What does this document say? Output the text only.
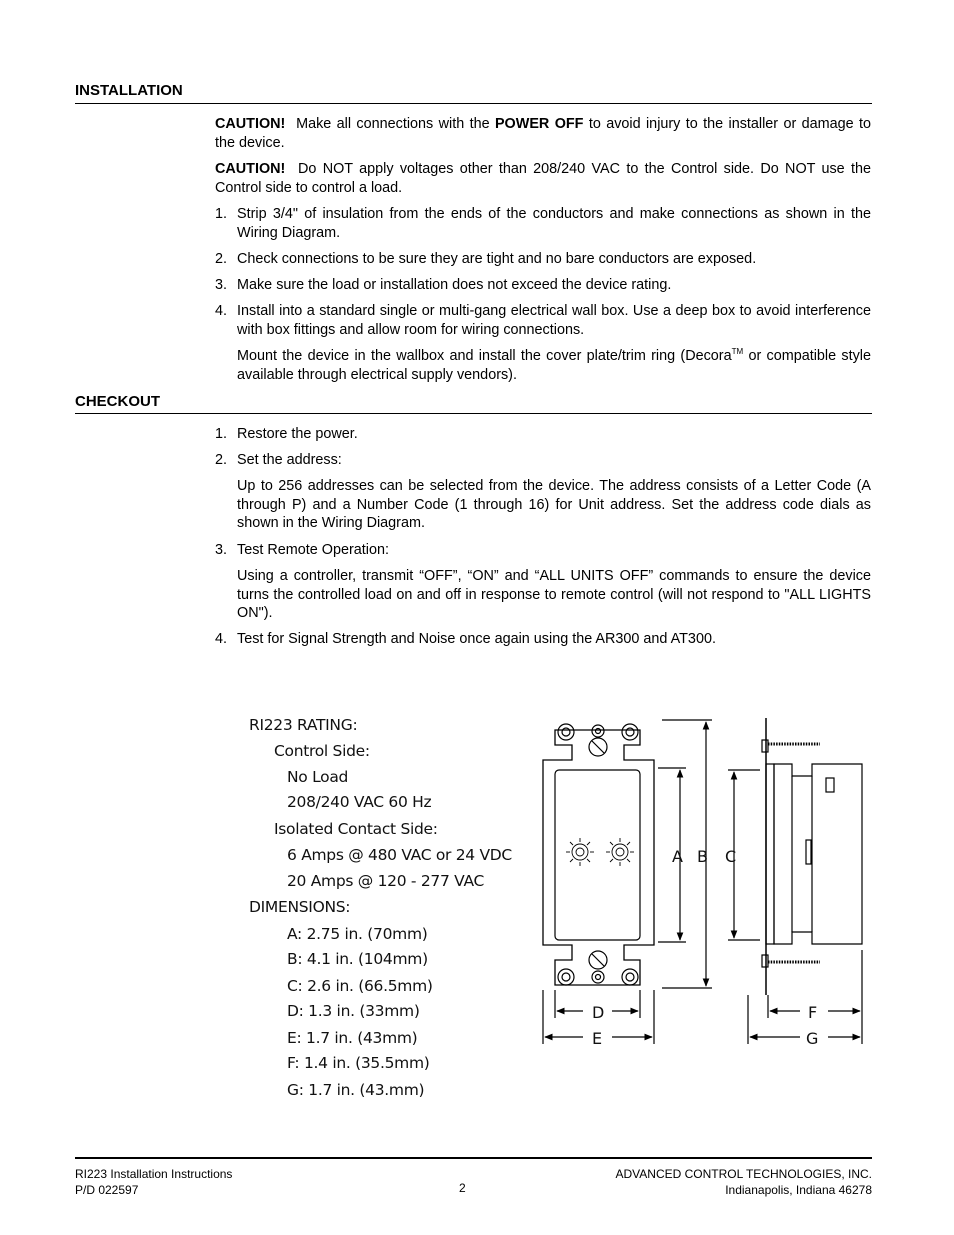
INSTALLATION
CAUTION! Make all connections with the POWER OFF to avoid injury to the installer or damage to the device.
CAUTION! Do NOT apply voltages other than 208/240 VAC to the Control side. Do NOT use the Control side to control a load.
1. Strip 3/4" of insulation from the ends of the conductors and make connections as shown in the Wiring Diagram.
2. Check connections to be sure they are tight and no bare conductors are exposed.
3. Make sure the load or installation does not exceed the device rating.
4. Install into a standard single or multi-gang electrical wall box. Use a deep box to avoid interference with box fittings and allow room for wiring connections.
Mount the device in the wallbox and install the cover plate/trim ring (Decora™ or compatible style available through electrical supply vendors).
CHECKOUT
1. Restore the power.
2. Set the address:
Up to 256 addresses can be selected from the device. The address consists of a Letter Code (A through P) and a Number Code (1 through 16) for Unit address. Set the address code dials as shown in the Wiring Diagram.
3. Test Remote Operation:
Using a controller, transmit “OFF”, “ON” and “ALL UNITS OFF” commands to ensure the device turns the controlled load on and off in response to remote control (will not respond to "ALL LIGHTS ON").
4. Test for Signal Strength and Noise once again using the AR300 and AT300.
RI223 RATING:
Control Side:
No Load
208/240 VAC 60 Hz
Isolated Contact Side:
6 Amps @ 480 VAC or 24 VDC
20 Amps @ 120 - 277 VAC
DIMENSIONS:
A: 2.75 in. (70mm)
B: 4.1 in. (104mm)
C: 2.6 in. (66.5mm)
D: 1.3 in. (33mm)
E: 1.7 in. (43mm)
F: 1.4 in. (35.5mm)
G: 1.7 in. (43.mm)
A B C
D
E
F
G
RI223 Installation Instructions
P/D 022597	2
ADVANCED CONTROL TECHNOLOGIES, INC.
Indianapolis, Indiana 46278
